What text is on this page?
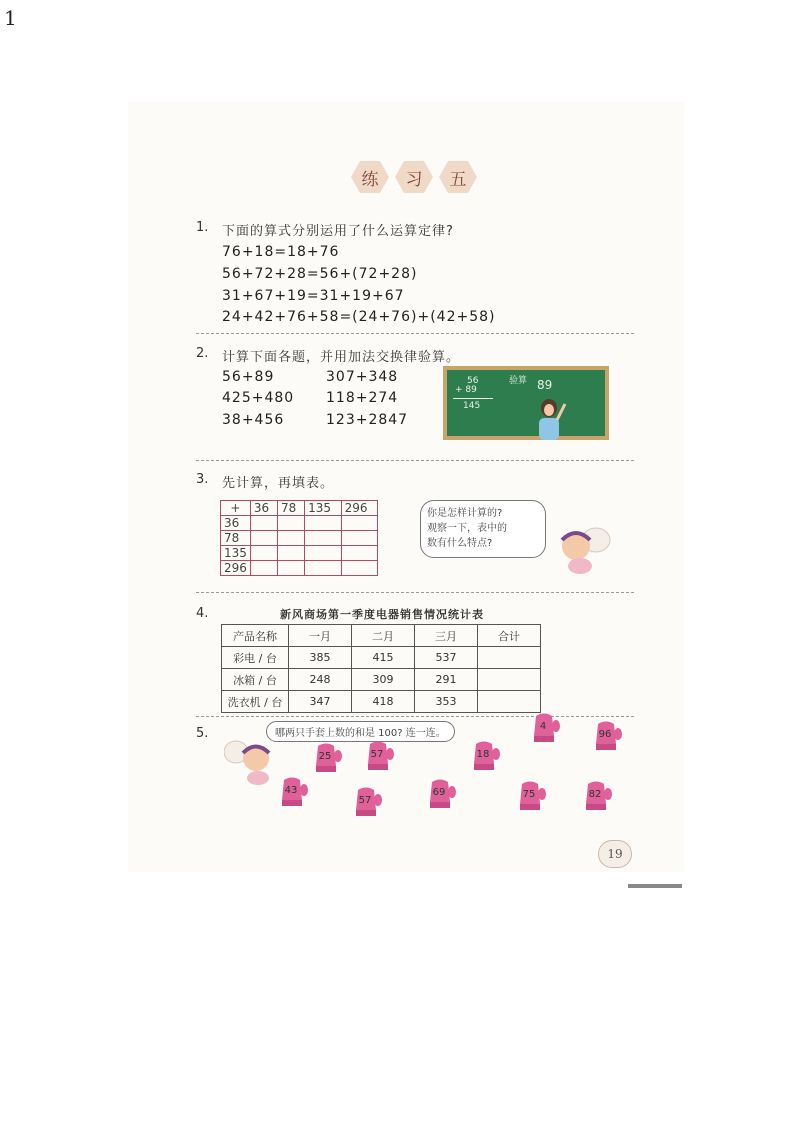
1
练 习 五
1. 下面的算式分别运用了什么运算定律?
76+18=18+76
56+72+28=56+(72+28)
31+67+19=31+19+67
24+42+76+58=(24+76)+(42+58)
2. 计算下面各题，并用加法交换律验算。
56+89
425+480
38+456
307+348
118+274
123+2847
56
+ 89
145
验算 89
3. 先计算，再填表。
+	36	78	135	296
36				
78				
135				
296				
你是怎样计算的?
观察一下，表中的
数有什么特点?
4.	新风商场第一季度电器销售情况统计表
产品名称	一月	二月	三月	合计
彩电 / 台	385	415	537	
冰箱 / 台	248	309	291	
洗衣机 / 台	347	418	353	
5.	哪两只手套上数的和是 100? 连一连。
4
96
57
25	18
43
57
69	75	82
19
